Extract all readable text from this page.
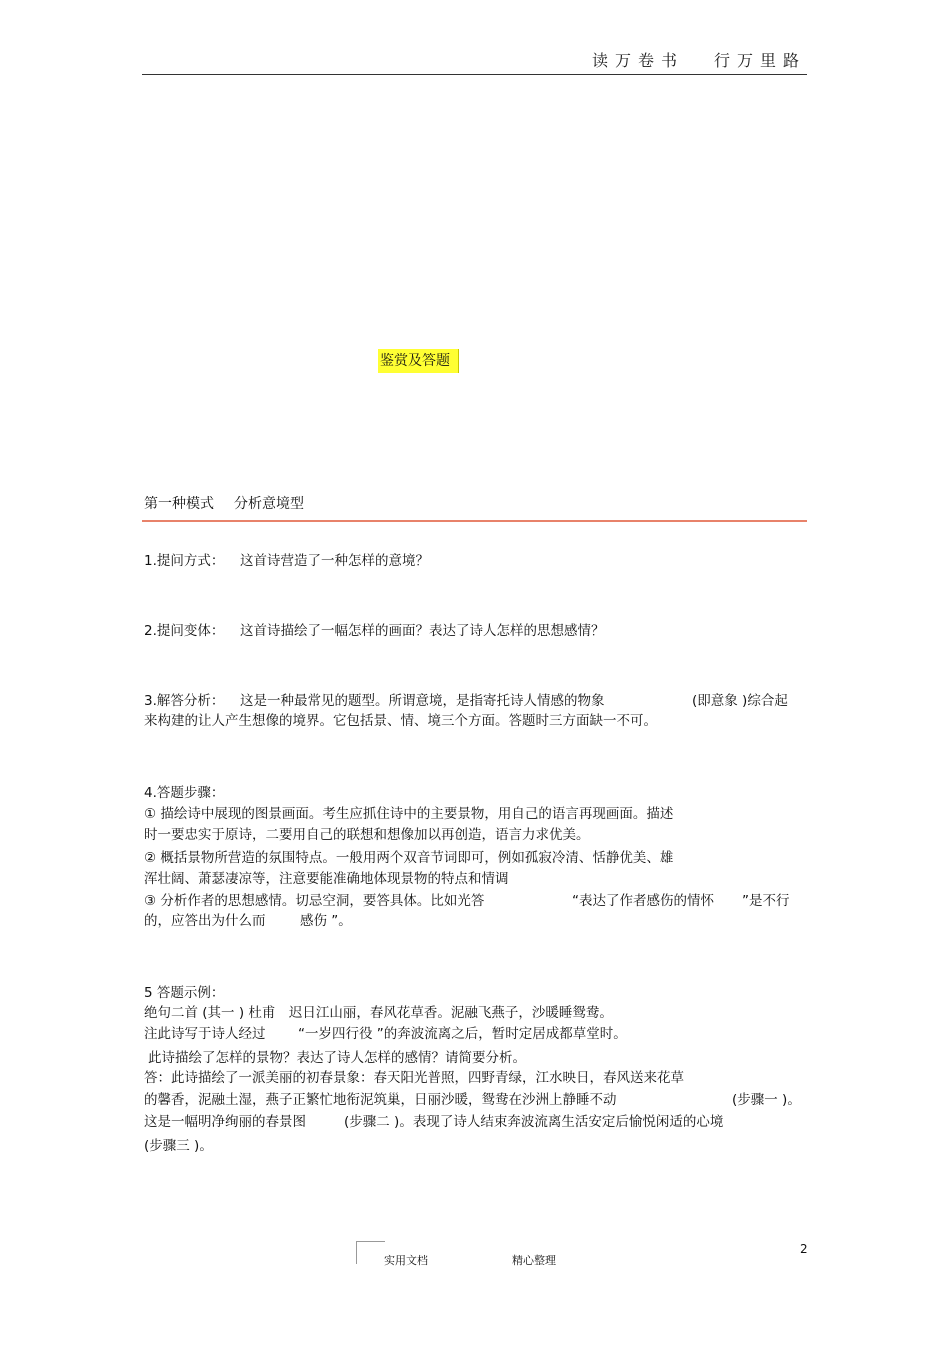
读万卷书 行万里路
鉴赏及答题
第一种模式 分析意境型
1.提问方式： 这首诗营造了一种怎样的意境？
2.提问变体： 这首诗描绘了一幅怎样的画面？表达了诗人怎样的思想感情？
3.解答分析： 这是一种最常见的题型。所谓意境，是指寄托诗人情感的物象	(即意象 )综合起
来构建的让人产生想像的境界。它包括景、情、境三个方面。答题时三方面缺一不可。
4.答题步骤：
① 描绘诗中展现的图景画面。考生应抓住诗中的主要景物，用自己的语言再现画面。描述
时一要忠实于原诗，二要用自己的联想和想像加以再创造，语言力求优美。
② 概括景物所营造的氛围特点。一般用两个双音节词即可，例如孤寂冷清、恬静优美、雄
浑壮阔、萧瑟凄凉等，注意要能准确地体现景物的特点和情调
③ 分析作者的思想感情。切忌空洞，要答具体。比如光答	“表达了作者感伤的情怀 ”是不行
的，应答出为什么而	感伤 ”。
5 答题示例：
绝句二首 (其一 ) 杜甫　迟日江山丽，春风花草香。泥融飞燕子，沙暖睡鸳鸯。
注此诗写于诗人经过 “一岁四行役 ”的奔波流离之后，暂时定居成都草堂时。
此诗描绘了怎样的景物？表达了诗人怎样的感情？请简要分析。
答：此诗描绘了一派美丽的初春景象：春天阳光普照，四野青绿，江水映日，春风送来花草
的馨香，泥融土湿，燕子正繁忙地衔泥筑巢，日丽沙暖，鸳鸯在沙洲上静睡不动	(步骤一 )。
这是一幅明净绚丽的春景图	(步骤二 )。表现了诗人结束奔波流离生活安定后愉悦闲适的心境
(步骤三 )。
实用文档	精心整理
2
